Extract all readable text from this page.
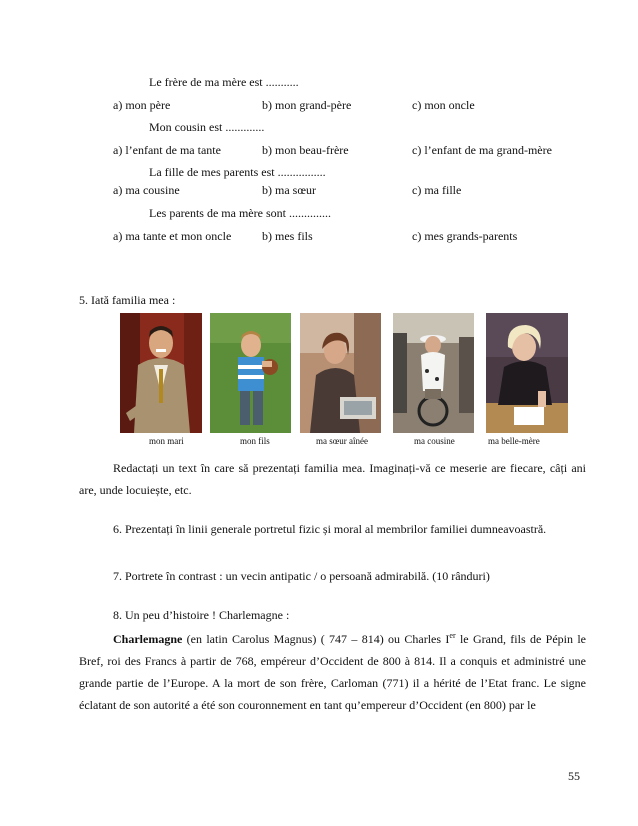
Le frère de ma mère est ...........
a) mon père	b) mon grand-père	c) mon oncle
Mon cousin est .............
a) l’enfant de ma tante	b) mon beau-frère	c) l’enfant de ma grand-mère
La fille de mes parents est ................
a) ma cousine	b) ma sœur	c) ma fille
Les parents de ma mère sont ..............
a) ma tante et mon oncle	b) mes fils	c) mes grands-parents
5. Iată familia mea :
mon mari	mon fils	ma sœur aînée	ma cousine	ma belle-mère

Redactați un text în care să prezentați familia mea. Imaginați-vă ce meserie are fiecare, câți ani are, unde locuiește, etc.

6. Prezentați în linii generale portretul fizic și moral al membrilor familiei dumneavoastră.
7. Portrete în contrast : un vecin antipatic / o persoană admirabilă. (10 rânduri)
8. Un peu d’histoire ! Charlemagne :

Charlemagne (en latin Carolus Magnus) ( 747 – 814) ou Charles Ier le Grand, fils de Pépin le Bref, roi des Francs à partir de 768, empéreur d’Occident de 800 à 814. Il a conquis et administré une grande partie de l’Europe. A la mort de son frère, Carloman (771) il a hérité de l’Etat franc. Le signe éclatant de son autorité a été son couronnement en tant qu’empereur d’Occident (en 800) par le

55
